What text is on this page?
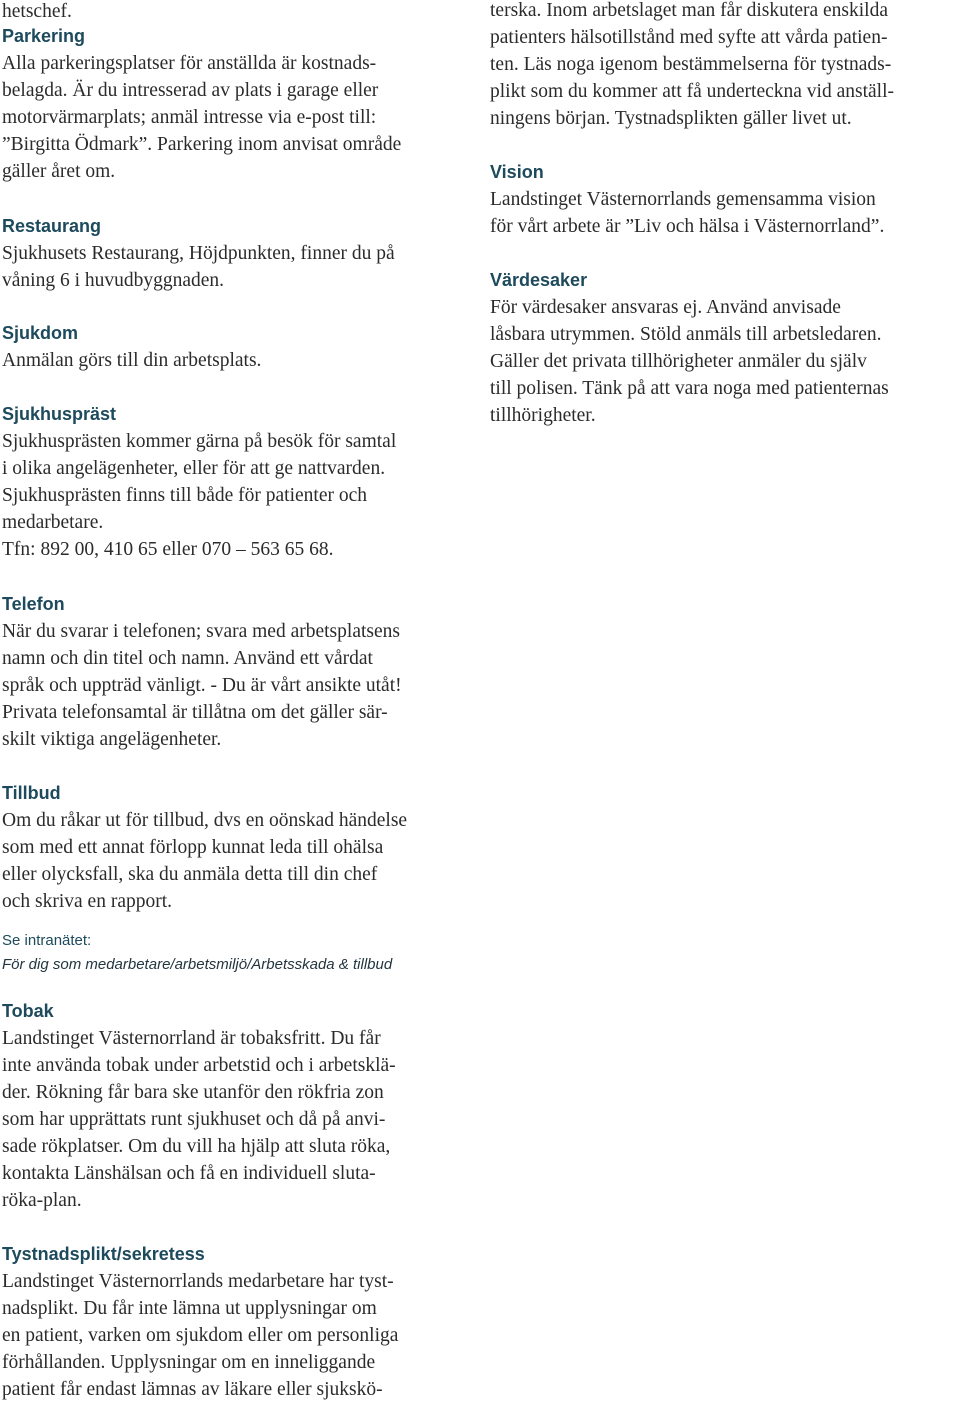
hetschef.
Parkering
Alla parkeringsplatser för anställda är kostnads-
belagda. Är du intresserad av plats i garage eller
motorvärmarplats; anmäl intresse via e-post till:
”Birgitta Ödmark”. Parkering inom anvisat område
gäller året om.
Restaurang
Sjukhusets Restaurang, Höjdpunkten, finner du på
våning 6 i huvudbyggnaden.
Sjukdom
Anmälan görs till din arbetsplats.
Sjukhuspräst
Sjukhusprästen kommer gärna på besök för samtal
i olika angelägenheter, eller för att ge nattvarden.
Sjukhusprästen finns till både för patienter och
medarbetare.
Tfn: 892 00, 410 65 eller 070 – 563 65 68.
Telefon
När du svarar i telefonen; svara med arbetsplatsens
namn och din titel och namn. Använd ett vårdat
språk och uppträd vänligt. - Du är vårt ansikte utåt!
Privata telefonsamtal är tillåtna om det gäller sär-
skilt viktiga angelägenheter.
Tillbud
Om du råkar ut för tillbud, dvs en oönskad händelse
som med ett annat förlopp kunnat leda till ohälsa
eller olycksfall, ska du anmäla detta till din chef
och skriva en rapport.
Se intranätet:
För dig som medarbetare/arbetsmiljö/Arbetsskada & tillbud
Tobak
Landstinget Västernorrland är tobaksfritt. Du får
inte använda tobak under arbetstid och i arbetsklä-
der. Rökning får bara ske utanför den rökfria zon
som har upprättats runt sjukhuset och då på anvi-
sade rökplatser. Om du vill ha hjälp att sluta röka,
kontakta Länshälsan och få en individuell sluta-
röka-plan.
Tystnadsplikt/sekretess
Landstinget Västernorrlands medarbetare har tyst-
nadsplikt. Du får inte lämna ut upplysningar om
en patient, varken om sjukdom eller om personliga
förhållanden. Upplysningar om en inneliggande
patient får endast lämnas av läkare eller sjukskö-
terska. Inom arbetslaget man får diskutera enskilda
patienters hälsotillstånd med syfte att vårda patien-
ten. Läs noga igenom bestämmelserna för tystnads-
plikt som du kommer att få underteckna vid anställ-
ningens början. Tystnadsplikten gäller livet ut.
Vision
Landstinget Västernorrlands gemensamma vision
för vårt arbete är ”Liv och hälsa i Västernorrland”.
Värdesaker
För värdesaker ansvaras ej. Använd anvisade
låsbara utrymmen. Stöld anmäls till arbetsledaren.
Gäller det privata tillhörigheter anmäler du själv
till polisen. Tänk på att vara noga med patienternas
tillhörigheter.
